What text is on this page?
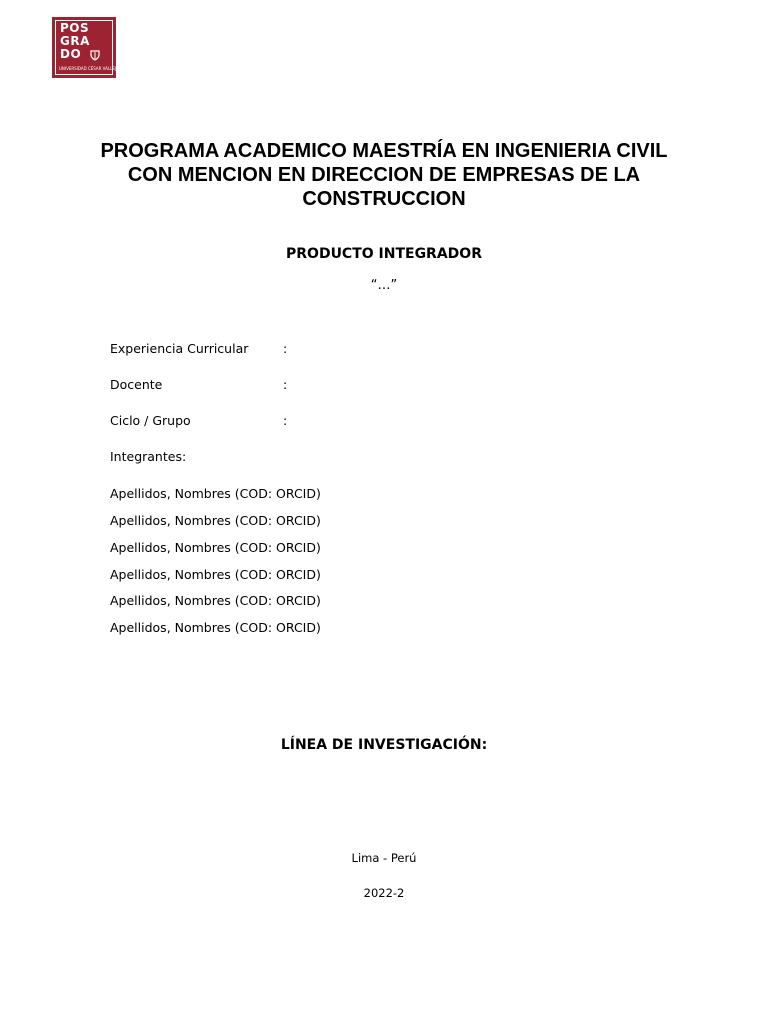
POS
GRA
DO
UNIVERSIDAD CÉSAR VALLEJO
PROGRAMA ACADEMICO MAESTRÍA EN INGENIERIA CIVIL CON MENCION EN DIRECCION DE EMPRESAS DE LA CONSTRUCCION
PRODUCTO INTEGRADOR
“…”
Experiencia Curricular	:
Docente	:
Ciclo / Grupo	:
Integrantes:
Apellidos, Nombres (COD: ORCID)
Apellidos, Nombres (COD: ORCID)
Apellidos, Nombres (COD: ORCID)
Apellidos, Nombres (COD: ORCID)
Apellidos, Nombres (COD: ORCID)
Apellidos, Nombres (COD: ORCID)
LÍNEA DE INVESTIGACIÓN:
Lima - Perú
2022-2
